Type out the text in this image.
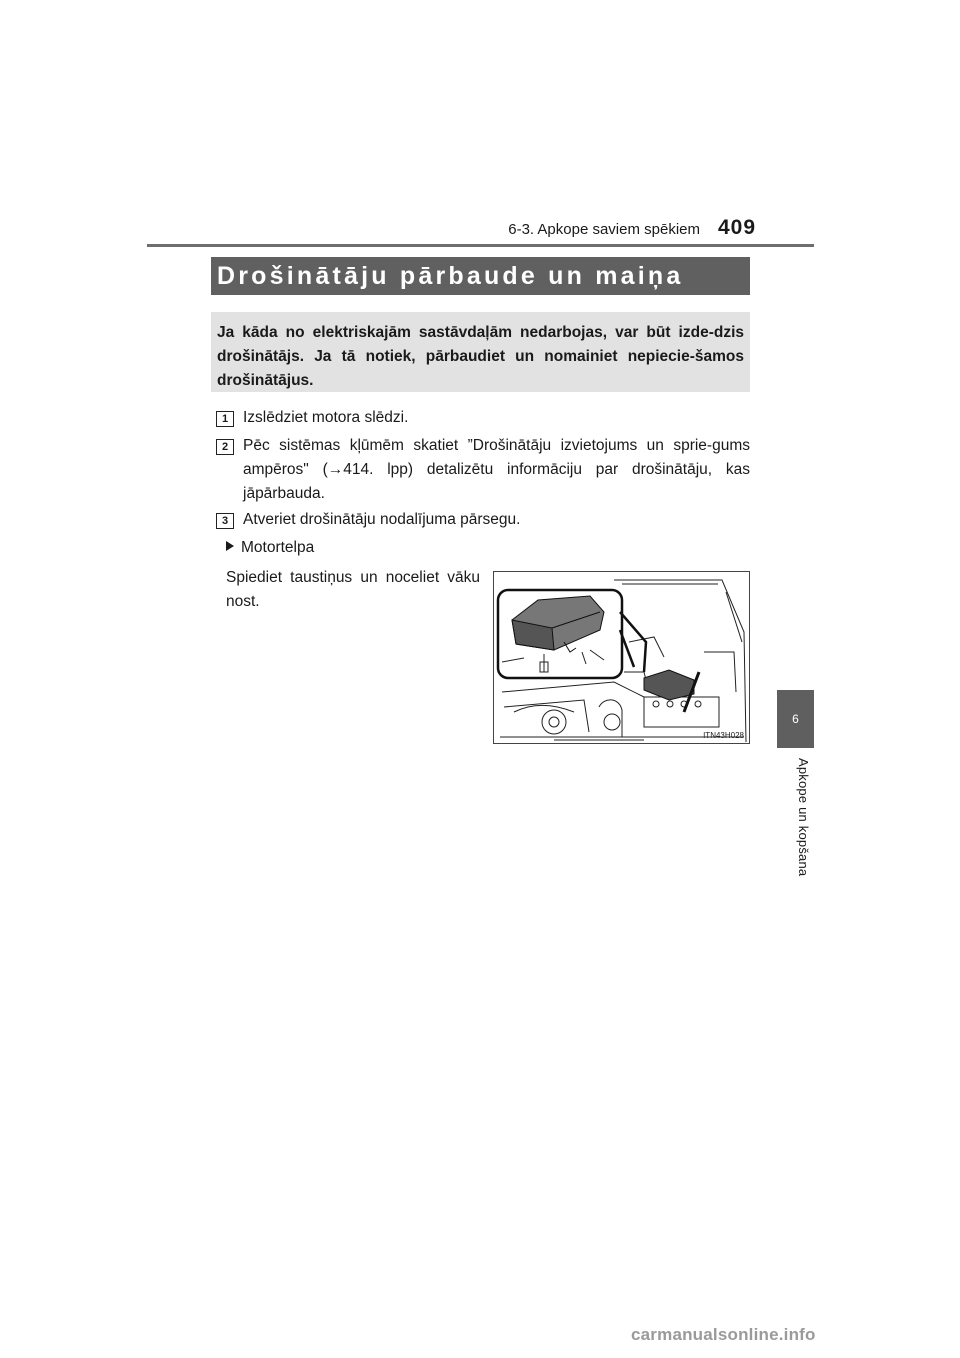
6-3. Apkope saviem spēkiem 409
6
Apkope un kopšana
Drošinātāju pārbaude un maiņa
Ja kāda no elektriskajām sastāvdaļām nedarbojas, var būt izde-dzis drošinātājs. Ja tā notiek, pārbaudiet un nomainiet nepiecie-šamos drošinātājus.
1 Izslēdziet motora slēdzi.
2 Pēc sistēmas kļūmēm skatiet ”Drošinātāju izvietojums un sprie-gums ampēros" (→414. lpp) detalizētu informāciju par drošinātāju, kas jāpārbauda.
3 Atveriet drošinātāju nodalījuma pārsegu.
Motortelpa
Spiediet taustiņus un noceliet vāku nost.
ITN43H028
carmanualsonline.info
